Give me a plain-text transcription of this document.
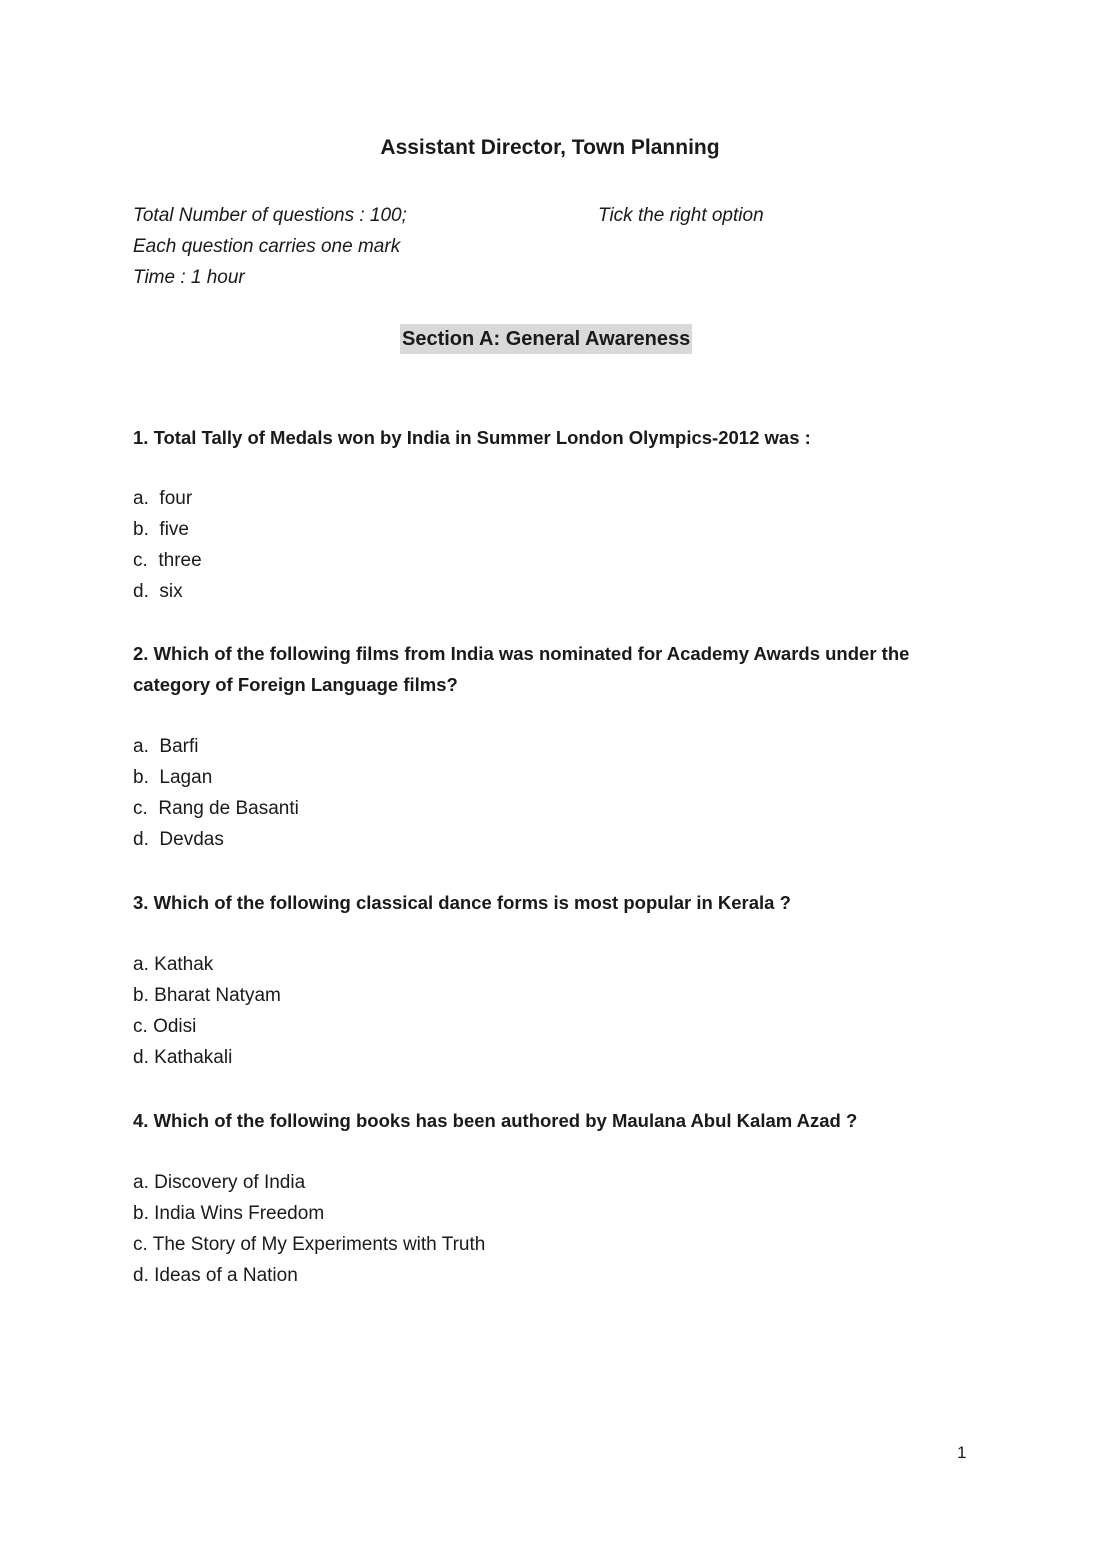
Assistant Director, Town Planning
Total Number of questions : 100;	Tick the right option
Each question carries one mark
Time : 1 hour
Section A: General Awareness

1. Total Tally of Medals won by India in Summer London Olympics-2012 was :

a. four
b. five
c. three
d. six

2. Which of the following films from India was nominated for Academy Awards under the category of Foreign Language films?

a. Barfi
b. Lagan
c. Rang de Basanti
d. Devdas

3. Which of the following classical dance forms is most popular in Kerala ?

a. Kathak
b. Bharat Natyam
c. Odisi
d. Kathakali

4. Which of the following books has been authored by Maulana Abul Kalam Azad ?

a. Discovery of India
b. India Wins Freedom
c. The Story of My Experiments with Truth
d. Ideas of a Nation
1
